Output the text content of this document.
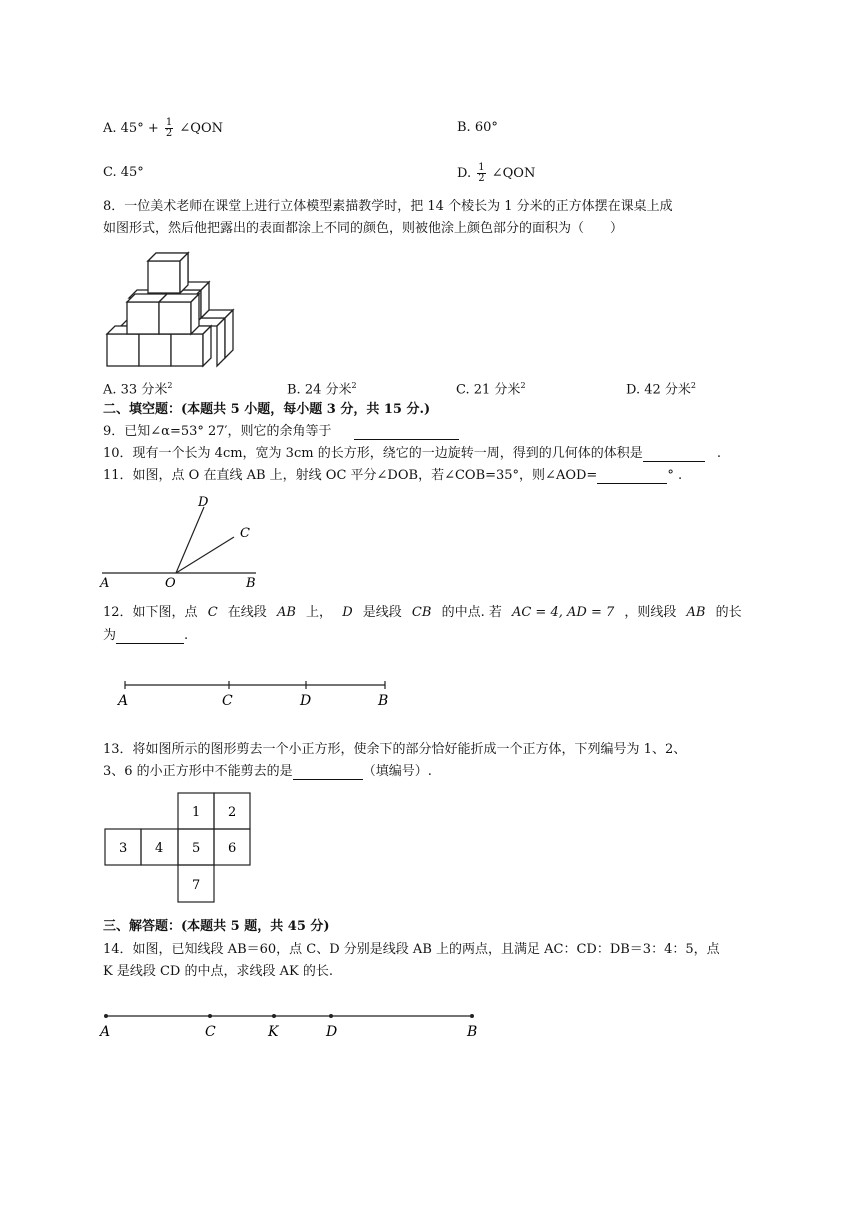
A. $45^\circ + \frac{1}{2}$ ∠QON	B. 60°
C. 45°	D. $\frac{1}{2}$ ∠QON
8．一位美术老师在课堂上进行立体模型素描教学时，把 14 个棱长为 1 分米的正方体摆在课桌上成
如图形式，然后他把露出的表面都涂上不同的颜色，则被他涂上颜色部分的面积为（　　）
A. 33 分米$^2$	B. 24 分米$^2$	C. 21 分米$^2$	D. 42 分米$^2$
二、填空题：(本题共 5 小题，每小题 3 分，共 15 分.)
9．已知∠α=53° 27′，则它的余角等于
10．现有一个长为 4cm，宽为 3cm 的长方形，绕它的一边旋转一周，得到的几何体的体积是	.
11．如图，点 O 在直线 AB 上，射线 OC 平分∠DOB，若∠COB=35°，则∠AOD=	° .
A	O	B
C
D
12．如下图，点 C 在线段 AB 上， D 是线段 CB 的中点. 若 AC = 4, AD = 7 ，则线段 AB 的长
为	.
A	C	D	B
13．将如图所示的图形剪去一个小正方形，使余下的部分恰好能折成一个正方体，下列编号为 1、2、
3、6 的小正方形中不能剪去的是	（填编号）.
1 2
3 4 5 6
7
三、解答题：(本题共 5 题，共 45 分)
14．如图，已知线段 AB＝60，点 C、D 分别是线段 AB 上的两点，且满足 AC：CD：DB＝3：4：5，点
K 是线段 CD 的中点，求线段 AK 的长.
A	C	K	D	B
